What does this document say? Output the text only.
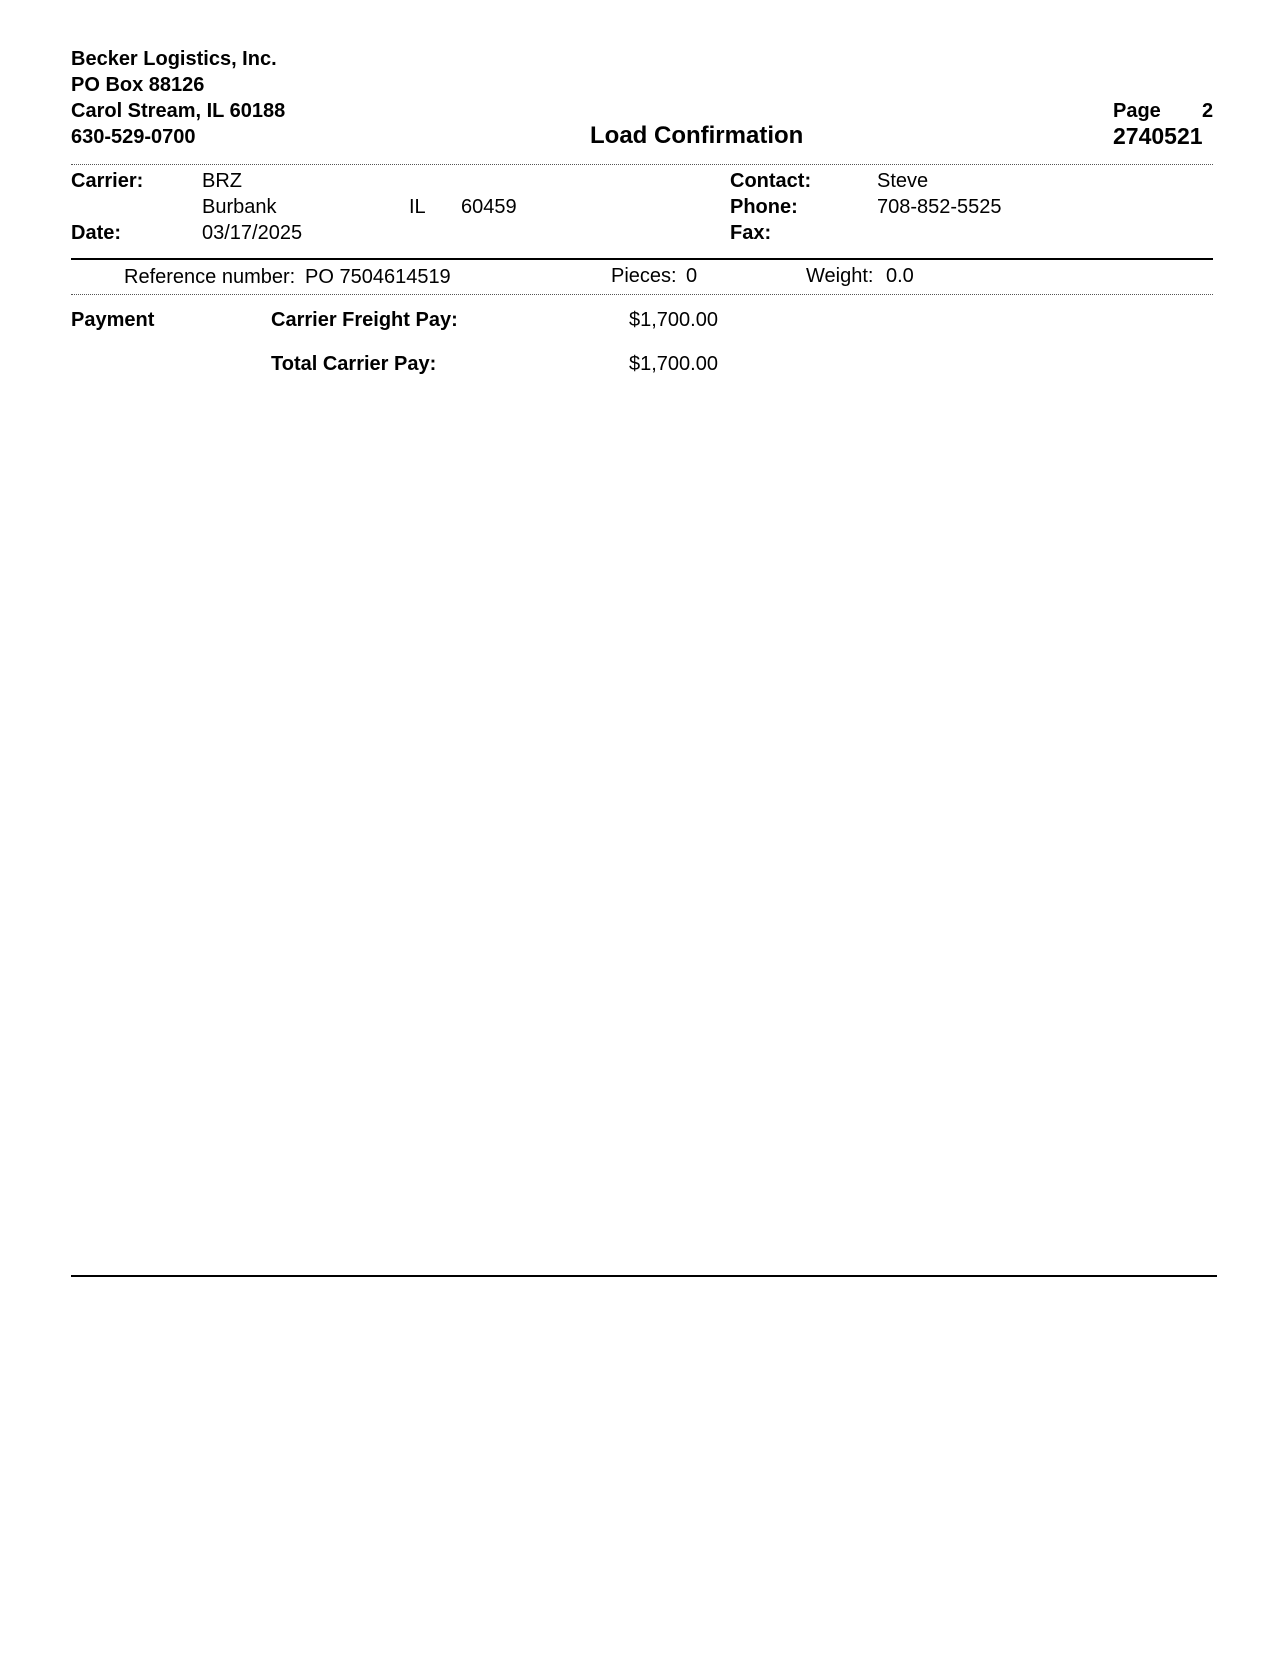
Becker Logistics, Inc.
PO Box 88126
Carol Stream, IL 60188
630-529-0700	Load Confirmation
Page 2
2740521
Carrier:	BRZ
Burbank	IL 60459
Date:	03/17/2025
Contact:	Steve
Phone:	708-852-5525
Fax:
Reference number: PO 7504614519	Pieces: 0	Weight: 0.0
Payment	Carrier Freight Pay:	$1,700.00
Total Carrier Pay:	$1,700.00
